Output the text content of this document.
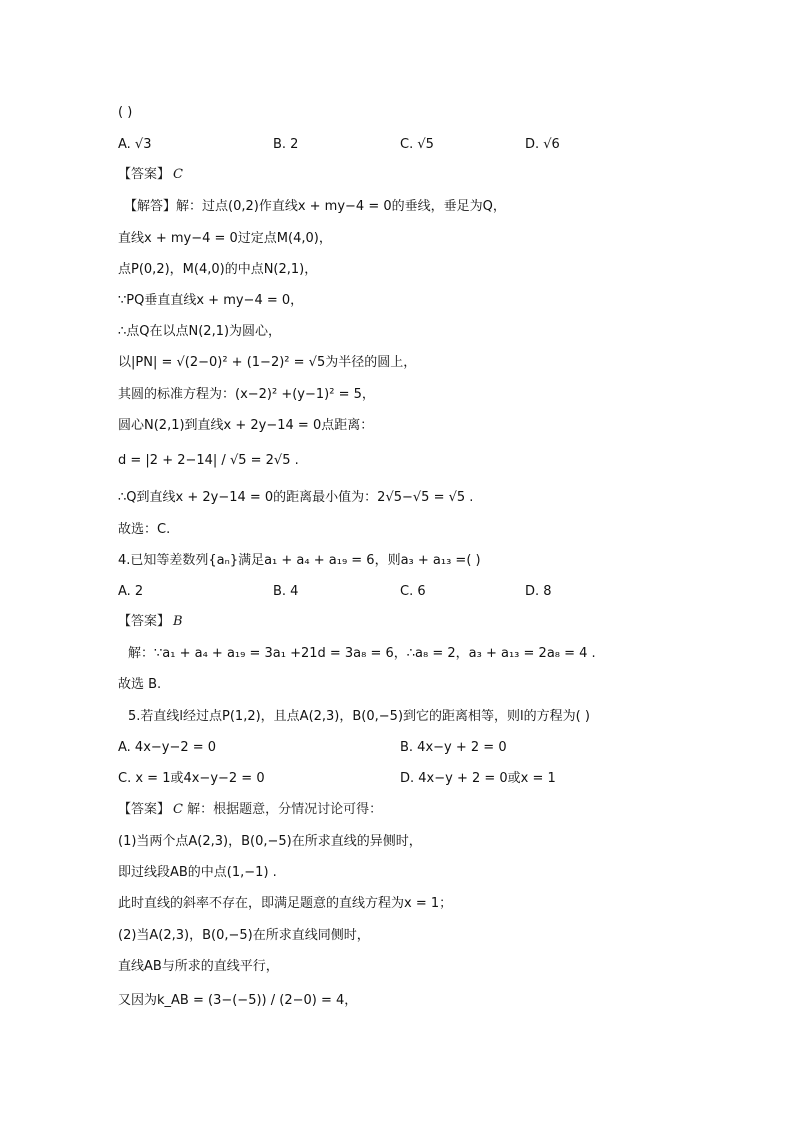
( )
A. √3	B. 2	C. √5	D. √6
【答案】 C
【解答】解：过点(0,2)作直线x + my−4 = 0的垂线，垂足为Q，
直线x + my−4 = 0过定点M(4,0)，
点P(0,2)，M(4,0)的中点N(2,1)，
∵PQ垂直直线x + my−4 = 0，
∴点Q在以点N(2,1)为圆心，
以|PN| = √(2−0)² + (1−2)² = √5为半径的圆上，
其圆的标准方程为：(x−2)² +(y−1)² = 5，
圆心N(2,1)到直线x + 2y−14 = 0点距离：
d = |2 + 2−14| / √5 = 2√5 .
∴Q到直线x + 2y−14 = 0的距离最小值为：2√5−√5 = √5 .
故选：C.
4.已知等差数列{aₙ}满足a₁ + a₄ + a₁₉ = 6，则a₃ + a₁₃ =( )
A. 2	B. 4	C. 6	D. 8
【答案】 B
解：∵a₁ + a₄ + a₁₉ = 3a₁ +21d = 3a₈ = 6，∴a₈ = 2，a₃ + a₁₃ = 2a₈ = 4 .
故选 B.
5.若直线l经过点P(1,2)，且点A(2,3)，B(0,−5)到它的距离相等，则l的方程为( )
A. 4x−y−2 = 0	B. 4x−y + 2 = 0
C. x = 1或4x−y−2 = 0	D. 4x−y + 2 = 0或x = 1
【答案】 C 解：根据题意，分情况讨论可得：
(1)当两个点A(2,3)，B(0,−5)在所求直线的异侧时，
即过线段AB的中点(1,−1) .
此时直线的斜率不存在，即满足题意的直线方程为x = 1；
(2)当A(2,3)，B(0,−5)在所求直线同侧时，
直线AB与所求的直线平行，
又因为k_AB = (3−(−5)) / (2−0) = 4，
